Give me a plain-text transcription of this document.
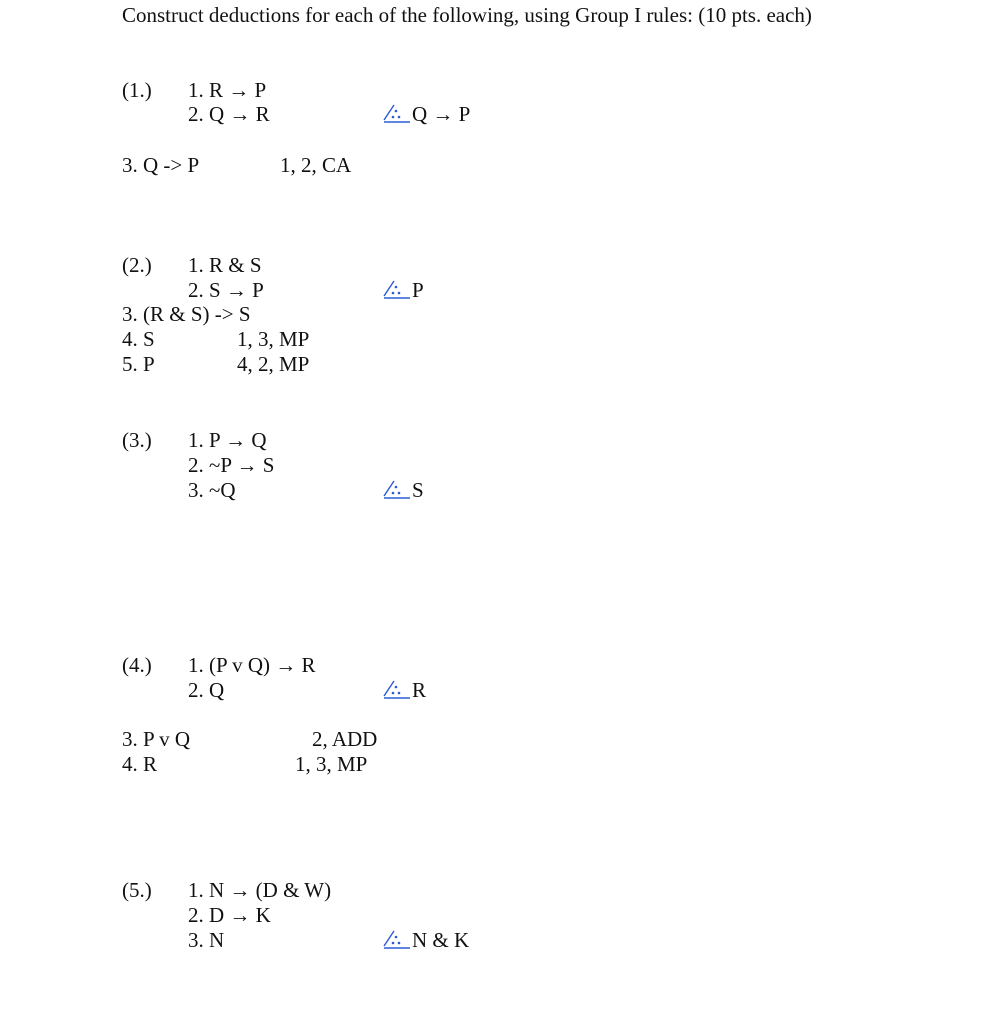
Construct deductions for each of the following, using Group I rules: (10 pts. each)
(1.) 1. R → P
2. Q → R	Q → P
3. Q -> P	1, 2, CA
(2.) 1. R & S
2. S → P	P
3. (R & S) -> S
4. S	1, 3, MP
5. P	4, 2, MP
(3.) 1. P → Q
2. ~P → S
3. ~Q	S
(4.) 1. (P v Q) → R
2. Q	R
3. P v Q	2, ADD
4. R	1, 3, MP
(5.) 1. N → (D & W)
2. D → K
3. N	N & K
